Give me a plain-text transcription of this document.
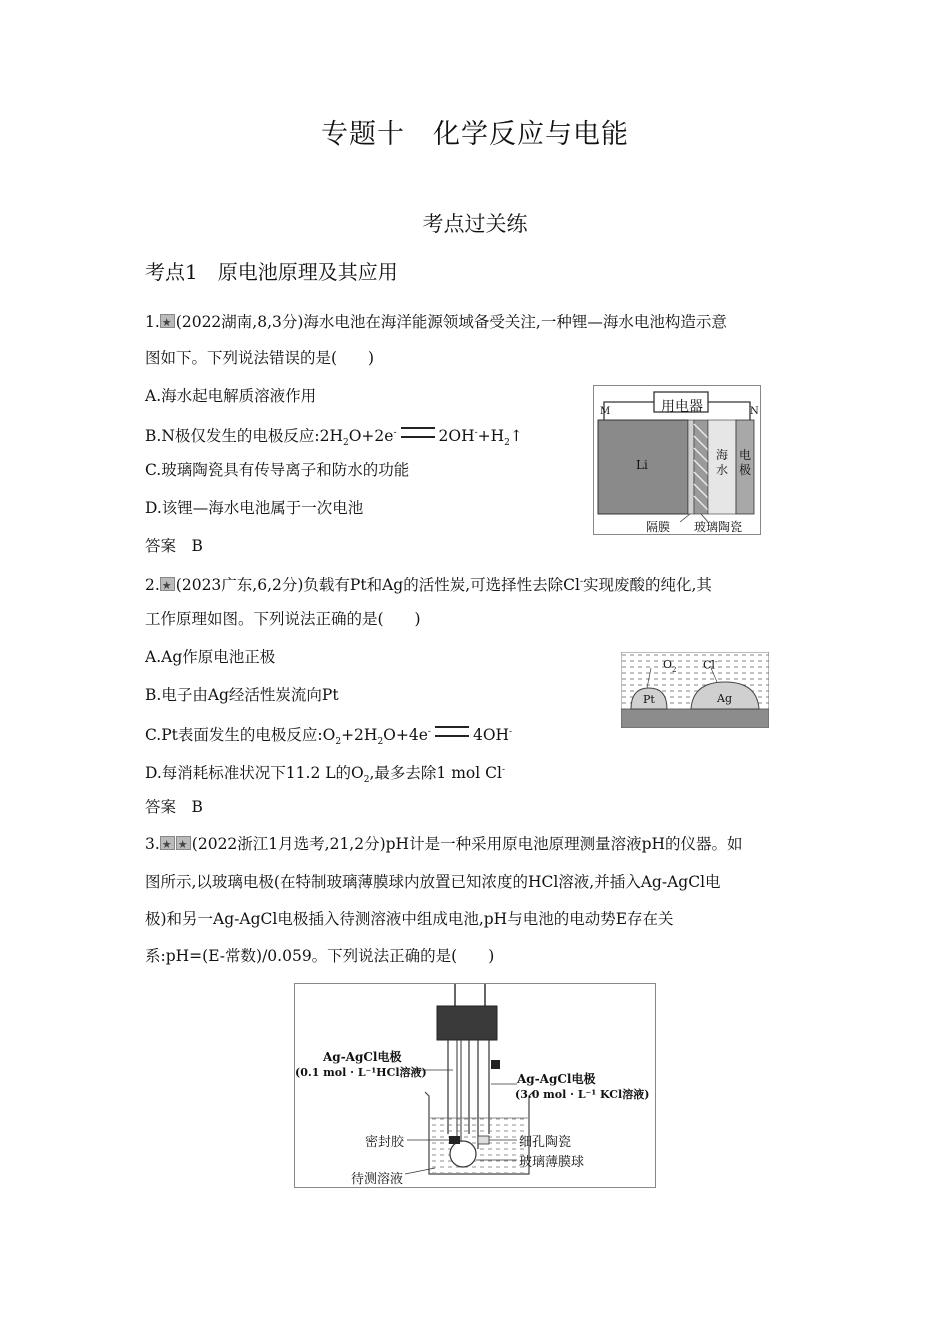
专题十　化学反应与电能
考点过关练
考点1　原电池原理及其应用
1. ★ (2022湖南,8,3分)海水电池在海洋能源领域备受关注,一种锂—海水电池构造示意
图如下。下列说法错误的是(　　)
A.海水起电解质溶液作用
B.N极仅发生的电极反应$:2H_2O+2e^-$	$2OH^-+H_2↑$
C.玻璃陶瓷具有传导离子和防水的功能
D.该锂—海水电池属于一次电池
答案　B
用电器
M	N
Li
海水
电极
隔膜 玻璃陶瓷
2. ★ (2023广东,6,2分)负载有Pt和Ag的活性炭,可选择性去除Cl-实现废酸的纯化,其
工作原理如图。下列说法正确的是(　　)
A.Ag作原电池正极
B.电子由Ag经活性炭流向Pt
C.Pt表面发生的电极反应$:O_2+2H_2O+4e^-$	4OH-
D.每消耗标准状况下11.2 L的$O_2$,最多去除1 mol Cl-
答案　B
$O_2$ Cl-
Pt	Ag
3. ★ ★ (2022浙江1月选考,21,2分)pH计是一种采用原电池原理测量溶液pH的仪器。如
图所示,以玻璃电极(在特制玻璃薄膜球内放置已知浓度的HCl溶液,并插入Ag-AgCl电
极)和另一Ag-AgCl电极插入待测溶液中组成电池,pH与电池的电动势E存在关
系:pH=(E-常数)/0.059。下列说法正确的是(　　)
Ag-AgCl电极
(0.1 mol · L⁻¹HCl溶液)	Ag-AgCl电极
(3.0 mol · L⁻¹ KCl溶液)
密封胶	细孔陶瓷
玻璃薄膜球
待测溶液
